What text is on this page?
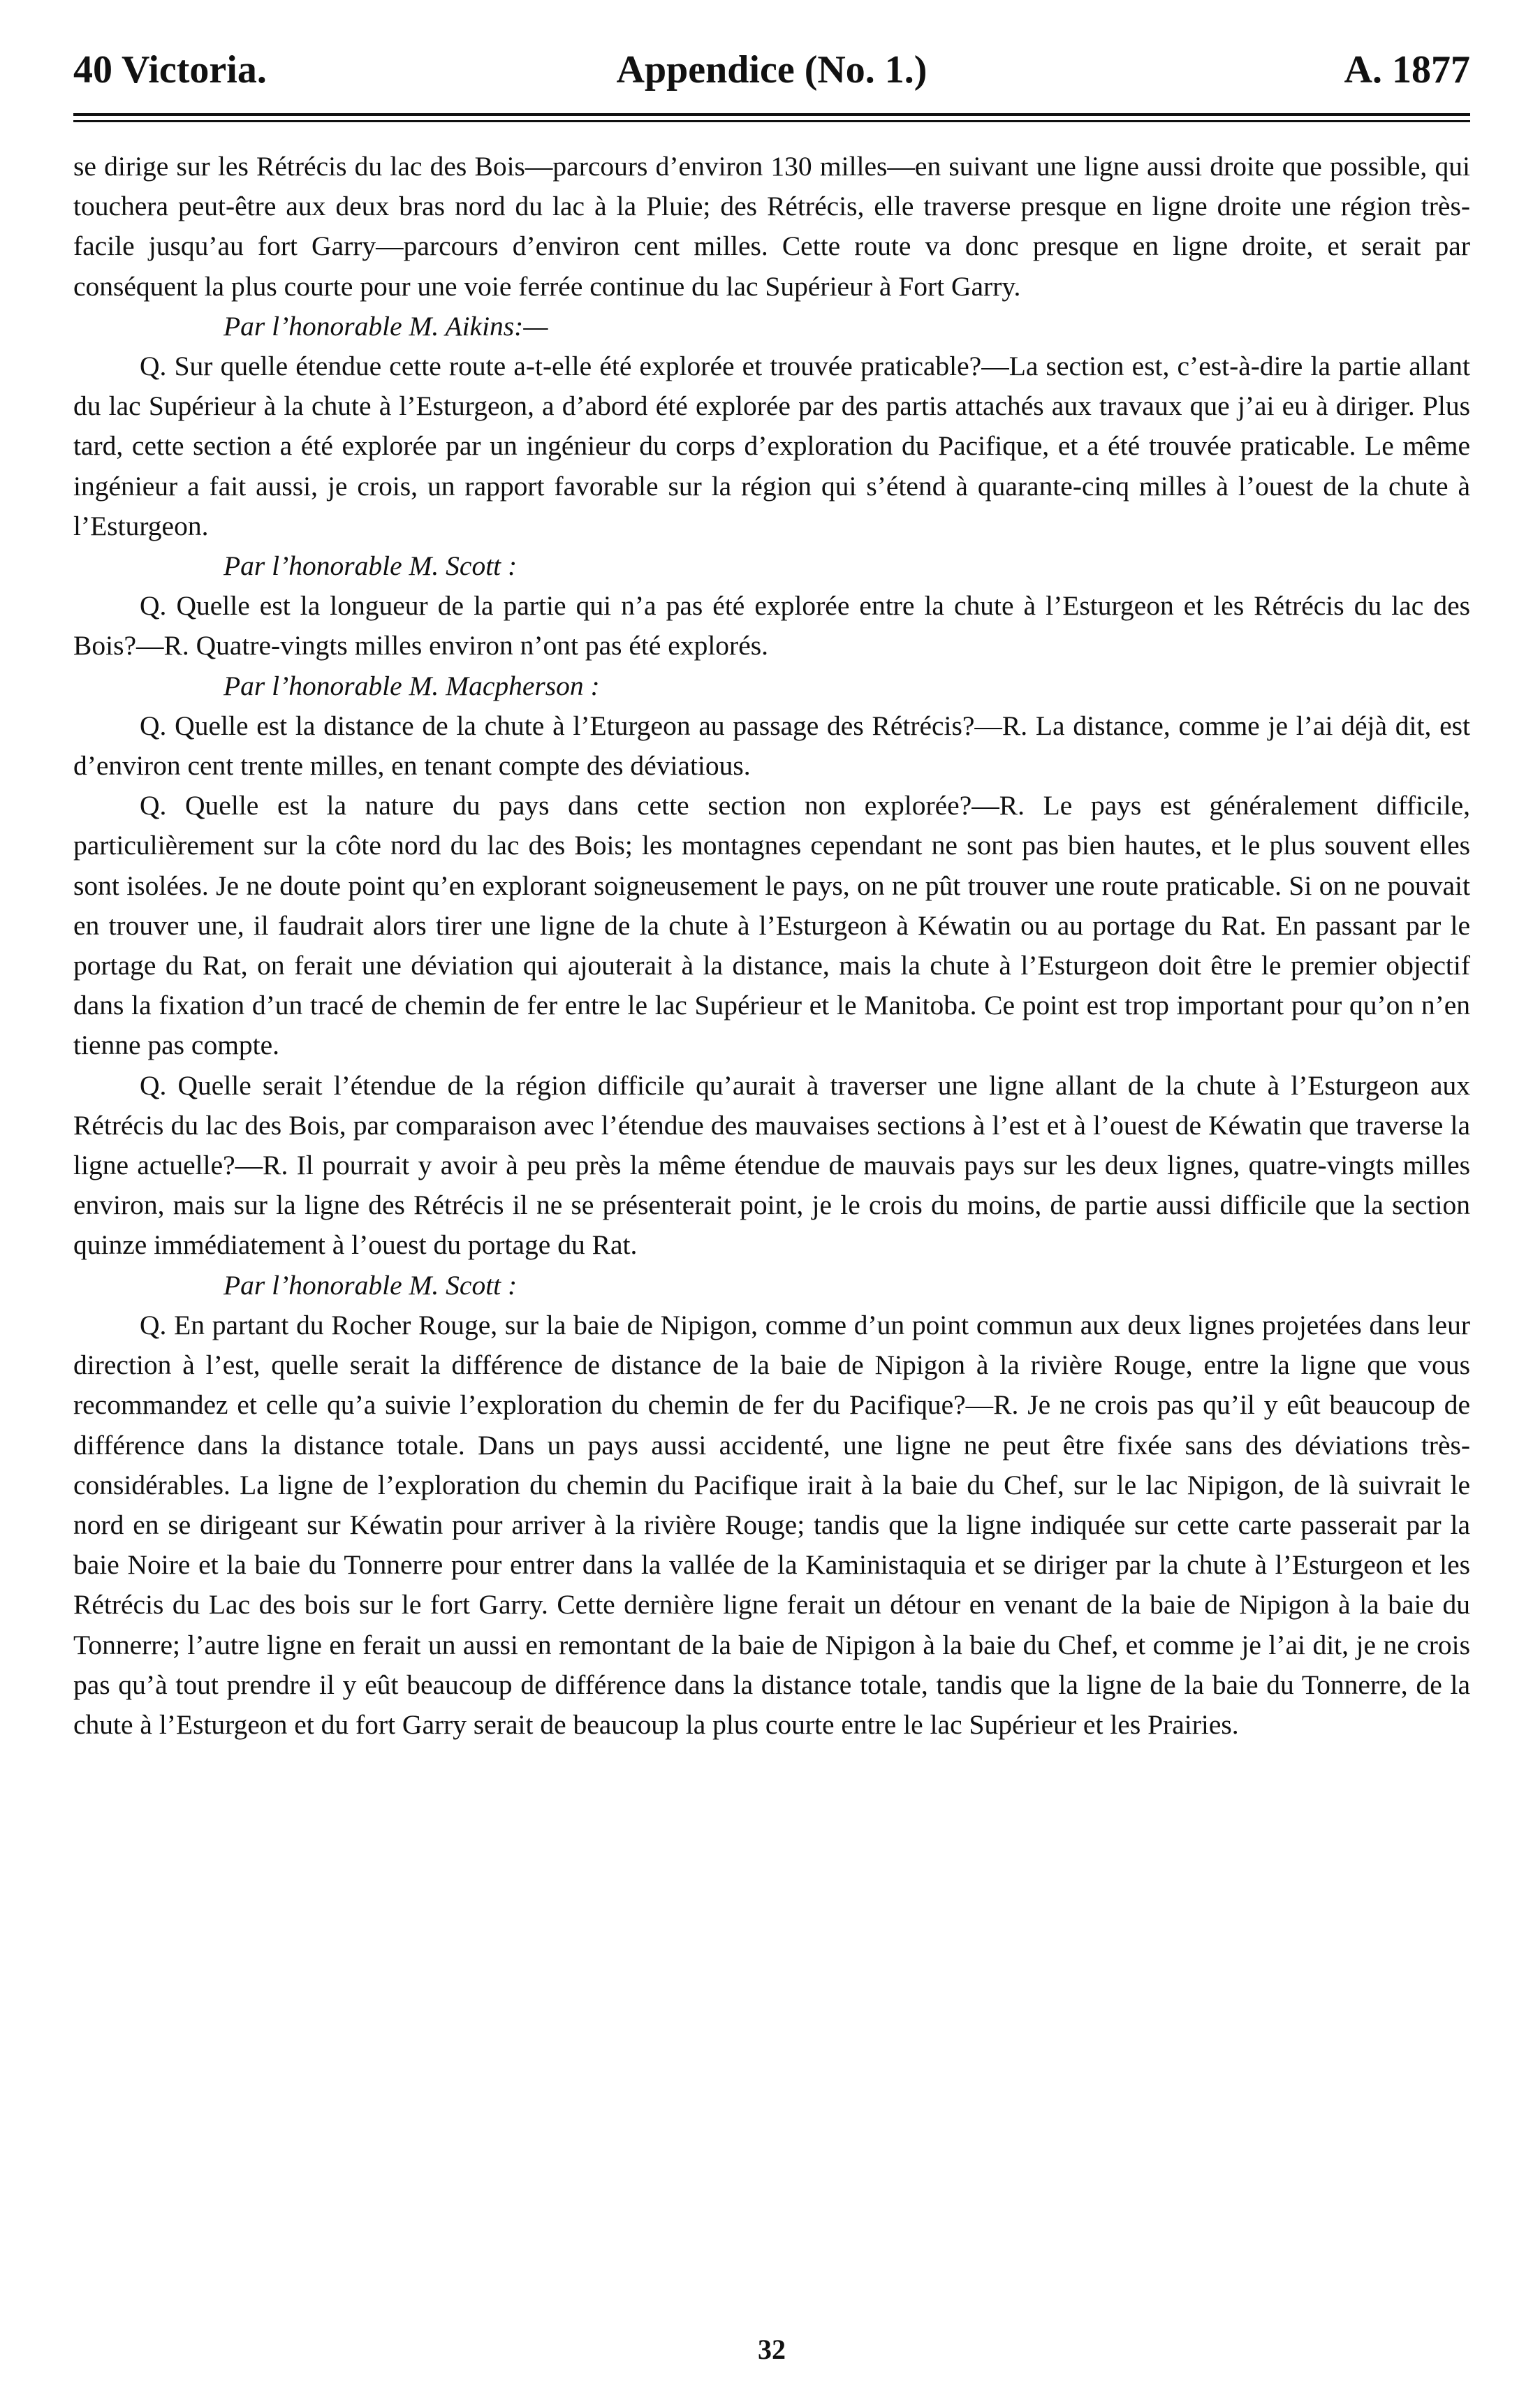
40 Victoria.	Appendice (No. 1.)	A. 1877

se dirige sur les Rétrécis du lac des Bois—parcours d’environ 130 milles—en suivant une ligne aussi droite que possible, qui touchera peut-être aux deux bras nord du lac à la Pluie; des Rétrécis, elle traverse presque en ligne droite une région très-facile jusqu’au fort Garry—parcours d’environ cent milles. Cette route va donc presque en ligne droite, et serait par conséquent la plus courte pour une voie ferrée continue du lac Supérieur à Fort Garry.

Par l’honorable M. Aikins:—

Q. Sur quelle étendue cette route a-t-elle été explorée et trouvée praticable?—La section est, c’est-à-dire la partie allant du lac Supérieur à la chute à l’Esturgeon, a d’abord été explorée par des partis attachés aux travaux que j’ai eu à diriger. Plus tard, cette section a été explorée par un ingénieur du corps d’exploration du Pacifique, et a été trouvée praticable. Le même ingénieur a fait aussi, je crois, un rapport favorable sur la région qui s’étend à quarante-cinq milles à l’ouest de la chute à l’Esturgeon.

Par l’honorable M. Scott :

Q. Quelle est la longueur de la partie qui n’a pas été explorée entre la chute à l’Esturgeon et les Rétrécis du lac des Bois?—R. Quatre-vingts milles environ n’ont pas été explorés.

Par l’honorable M. Macpherson :

Q. Quelle est la distance de la chute à l’Eturgeon au passage des Rétrécis?—R. La distance, comme je l’ai déjà dit, est d’environ cent trente milles, en tenant compte des déviatious.

Q. Quelle est la nature du pays dans cette section non explorée?—R. Le pays est généralement difficile, particulièrement sur la côte nord du lac des Bois; les montagnes cependant ne sont pas bien hautes, et le plus souvent elles sont isolées. Je ne doute point qu’en explorant soigneusement le pays, on ne pût trouver une route praticable. Si on ne pouvait en trouver une, il faudrait alors tirer une ligne de la chute à l’Esturgeon à Kéwatin ou au portage du Rat. En passant par le portage du Rat, on ferait une déviation qui ajouterait à la distance, mais la chute à l’Esturgeon doit être le premier objectif dans la fixation d’un tracé de chemin de fer entre le lac Supérieur et le Manitoba. Ce point est trop important pour qu’on n’en tienne pas compte.

Q. Quelle serait l’étendue de la région difficile qu’aurait à traverser une ligne allant de la chute à l’Esturgeon aux Rétrécis du lac des Bois, par comparaison avec l’étendue des mauvaises sections à l’est et à l’ouest de Kéwatin que traverse la ligne actuelle?—R. Il pourrait y avoir à peu près la même étendue de mauvais pays sur les deux lignes, quatre-vingts milles environ, mais sur la ligne des Rétrécis il ne se présenterait point, je le crois du moins, de partie aussi difficile que la section quinze immédiatement à l’ouest du portage du Rat.

Par l’honorable M. Scott :

Q. En partant du Rocher Rouge, sur la baie de Nipigon, comme d’un point commun aux deux lignes projetées dans leur direction à l’est, quelle serait la différence de distance de la baie de Nipigon à la rivière Rouge, entre la ligne que vous recommandez et celle qu’a suivie l’exploration du chemin de fer du Pacifique?—R. Je ne crois pas qu’il y eût beaucoup de différence dans la distance totale. Dans un pays aussi accidenté, une ligne ne peut être fixée sans des déviations très-considérables. La ligne de l’exploration du chemin du Pacifique irait à la baie du Chef, sur le lac Nipigon, de là suivrait le nord en se dirigeant sur Kéwatin pour arriver à la rivière Rouge; tandis que la ligne indiquée sur cette carte passerait par la baie Noire et la baie du Tonnerre pour entrer dans la vallée de la Kaministaquia et se diriger par la chute à l’Esturgeon et les Rétrécis du Lac des bois sur le fort Garry. Cette dernière ligne ferait un détour en venant de la baie de Nipigon à la baie du Tonnerre; l’autre ligne en ferait un aussi en remontant de la baie de Nipigon à la baie du Chef, et comme je l’ai dit, je ne crois pas qu’à tout prendre il y eût beaucoup de différence dans la distance totale, tandis que la ligne de la baie du Tonnerre, de la chute à l’Esturgeon et du fort Garry serait de beaucoup la plus courte entre le lac Supérieur et les Prairies.

32
